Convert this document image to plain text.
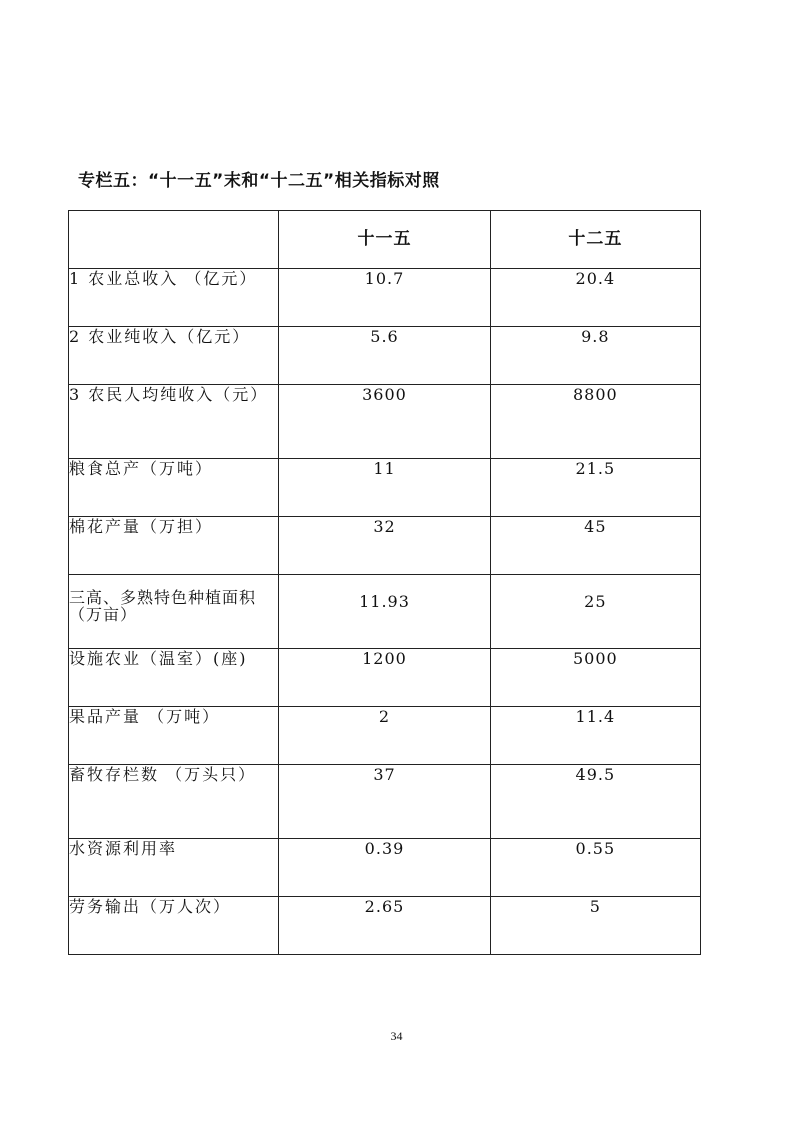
专栏五：“十一五”末和“十二五”相关指标对照
	十一五	十二五
1 农业总收入 （亿元）	10.7	20.4
2 农业纯收入（亿元）	5.6	9.8
3 农民人均纯收入（元）	3600	8800
粮食总产（万吨）	11	21.5
棉花产量（万担）	32	45
三高、多熟特色种植面积（万亩）	11.93	25
设施农业（温室）(座)	1200	5000
果品产量 （万吨）	2	11.4
畜牧存栏数 （万头只）	37	49.5
水资源利用率	0.39	0.55
劳务输出（万人次）	2.65	5
34
